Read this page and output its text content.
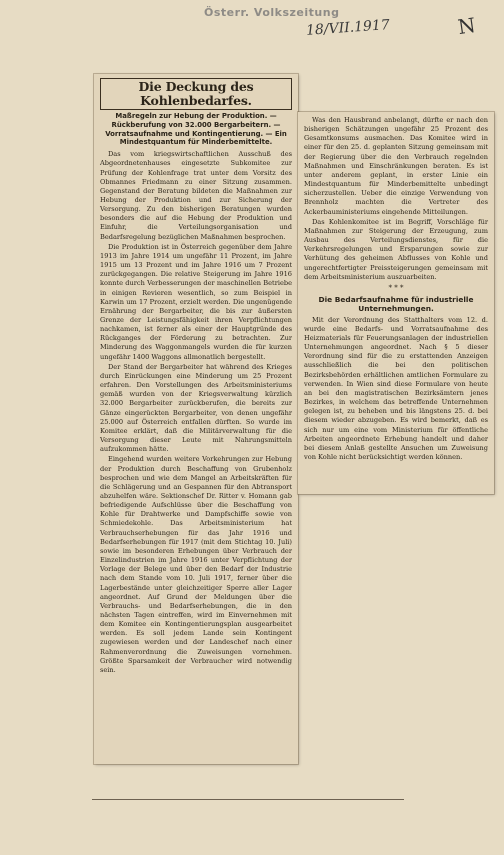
Österr. Volkszeitung
18/VII.1917	N
Die Deckung des Kohlenbedarfes.
Maßregeln zur Hebung der Produktion. — Rückberufung von 32.000 Bergarbeitern. — Vorratsaufnahme und Kontingentierung. — Ein Mindestquantum für Minderbemittelte.

Das vom kriegswirtschaftlichen Ausschuß des Abgeordnetenhauses eingesetzte Subkomitee zur Prüfung der Kohlenfrage trat unter dem Vorsitz des Obmannes Friedmann zu einer Sitzung zusammen. Gegenstand der Beratung bildeten die Maßnahmen zur Hebung der Produktion und zur Sicherung der Versorgung. Zu den bisherigen Beratungen wurden besonders die auf die Hebung der Produktion und Einfuhr, die Verteilungsorganisation und Bedarfsregelung bezüglichen Maßnahmen besprochen.

Die Produktion ist in Österreich gegenüber dem Jahre 1913 im Jahre 1914 um ungefähr 11 Prozent, im Jahre 1915 um 13 Prozent und im Jahre 1916 um 7 Prozent zurückgegangen. Die relative Steigerung im Jahre 1916 konnte durch Verbesserungen der maschinellen Betriebe in einigen Revieren wesentlich, so zum Beispiel in Karwin um 17 Prozent, erzielt werden. Die ungenügende Ernährung der Bergarbeiter, die bis zur äußersten Grenze der Leistungsfähigkeit ihren Verpflichtungen nachkamen, ist ferner als einer der Hauptgründe des Rückganges der Förderung zu betrachten. Zur Minderung des Waggonmangels wurden die für kurzen ungefähr 1400 Waggons allmonatlich bergestellt.

Der Stand der Bergarbeiter hat während des Krieges durch Einrückungen eine Minderung um 25 Prozent erfahren. Den Vorstellungen des Arbeitsministeriums gemäß wurden von der Kriegsverwaltung kürzlich 32.000 Bergarbeiter zurückberufen, die bereits zur Gänze eingerückten Bergarbeiter, von denen ungefähr 25.000 auf Österreich entfallen dürften. So wurde im Komitee erklärt, daß die Militärverwaltung für die Versorgung dieser Leute mit Nahrungsmitteln aufzukommen hätte.

Eingehend wurden weitere Vorkehrungen zur Hebung der Produktion durch Beschaffung von Grubenholz besprochen und wie dem Mangel an Arbeitskräften für die Schlägerung und an Gespannen für den Abtransport abzuhelfen wäre. Sektionschef Dr. Ritter v. Homann gab befriedigende Aufschlüsse über die Beschaffung von Kohle für Drahtwerke und Dampfschiffe sowie von Schmiedekohle. Das Arbeitsministerium hat Verbrauchserhebungen für das Jahr 1916 und Bedarfserhebungen für 1917 (mit dem Stichtag 10. Juli) sowie im besonderen Erhebungen über Verbrauch der Einzelindustrien im Jahre 1916 unter Verpflichtung der Vorlage der Belege und über den Bedarf der Industrie nach dem Stande vom 10. Juli 1917, ferner über die Lagerbestände unter gleichzeitiger Sperre aller Lager angeordnet. Auf Grund der Meldungen über die Verbrauchs- und Bedarfserhebungen, die in den nächsten Tagen eintreffen, wird im Einvernehmen mit dem Komitee ein Kontingentierungsplan ausgearbeitet werden. Es soll jedem Lande sein Kontingent zugewiesen werden und der Landeschef nach einer Rahmenverordnung die Zuweisungen vornehmen. Größte Sparsamkeit der Verbraucher wird notwendig sein.

Was den Hausbrand anbelangt, dürfte er nach den bisherigen Schätzungen ungefähr 25 Prozent des Gesamtkonsums ausmachen. Das Komitee wird in einer für den 25. d. geplanten Sitzung gemeinsam mit der Regierung über die den Verbrauch regelnden Maßnahmen und Einschränkungen beraten. Es ist unter anderem geplant, in erster Linie ein Mindestquantum für Minderbemittelte unbedingt sicherzustellen. Ueber die einzige Verwendung von Brennholz machten die Vertreter des Ackerbauministeriums eingehende Mitteilungen.

Das Kohlenkomitee ist im Begriff, Vorschläge für Maßnahmen zur Steigerung der Erzeugung, zum Ausbau des Verteilungsdienstes, für die Verkehrsregelungen und Ersparungen sowie zur Verhütung des geheimen Abflusses von Kohle und ungerechtfertigter Preissteigerungen gemeinsam mit dem Arbeitsministerium auszuarbeiten.

* * *
Die Bedarfsaufnahme für industrielle Unternehmungen.

Mit der Verordnung des Statthalters vom 12. d. wurde eine Bedarfs- und Vorratsaufnahme des Heizmaterials für Feuerungsanlagen der industriellen Unternehmungen angeordnet. Nach § 5 dieser Verordnung sind für die zu erstattenden Anzeigen ausschließlich die bei den politischen Bezirksbehörden erhältlichen amtlichen Formulare zu verwenden. In Wien sind diese Formulare von heute an bei den magistratischen Bezirksämtern jenes Bezirkes, in welchem das betreffende Unternehmen gelegen ist, zu beheben und bis längstens 25. d. bei diesem wieder abzugeben. Es wird bemerkt, daß es sich nur um eine vom Ministerium für öffentliche Arbeiten angeordnete Erhebung handelt und daher bei diesem Anlaß gestellte Ansuchen um Zuweisung von Kohle nicht berücksichtigt werden können.
